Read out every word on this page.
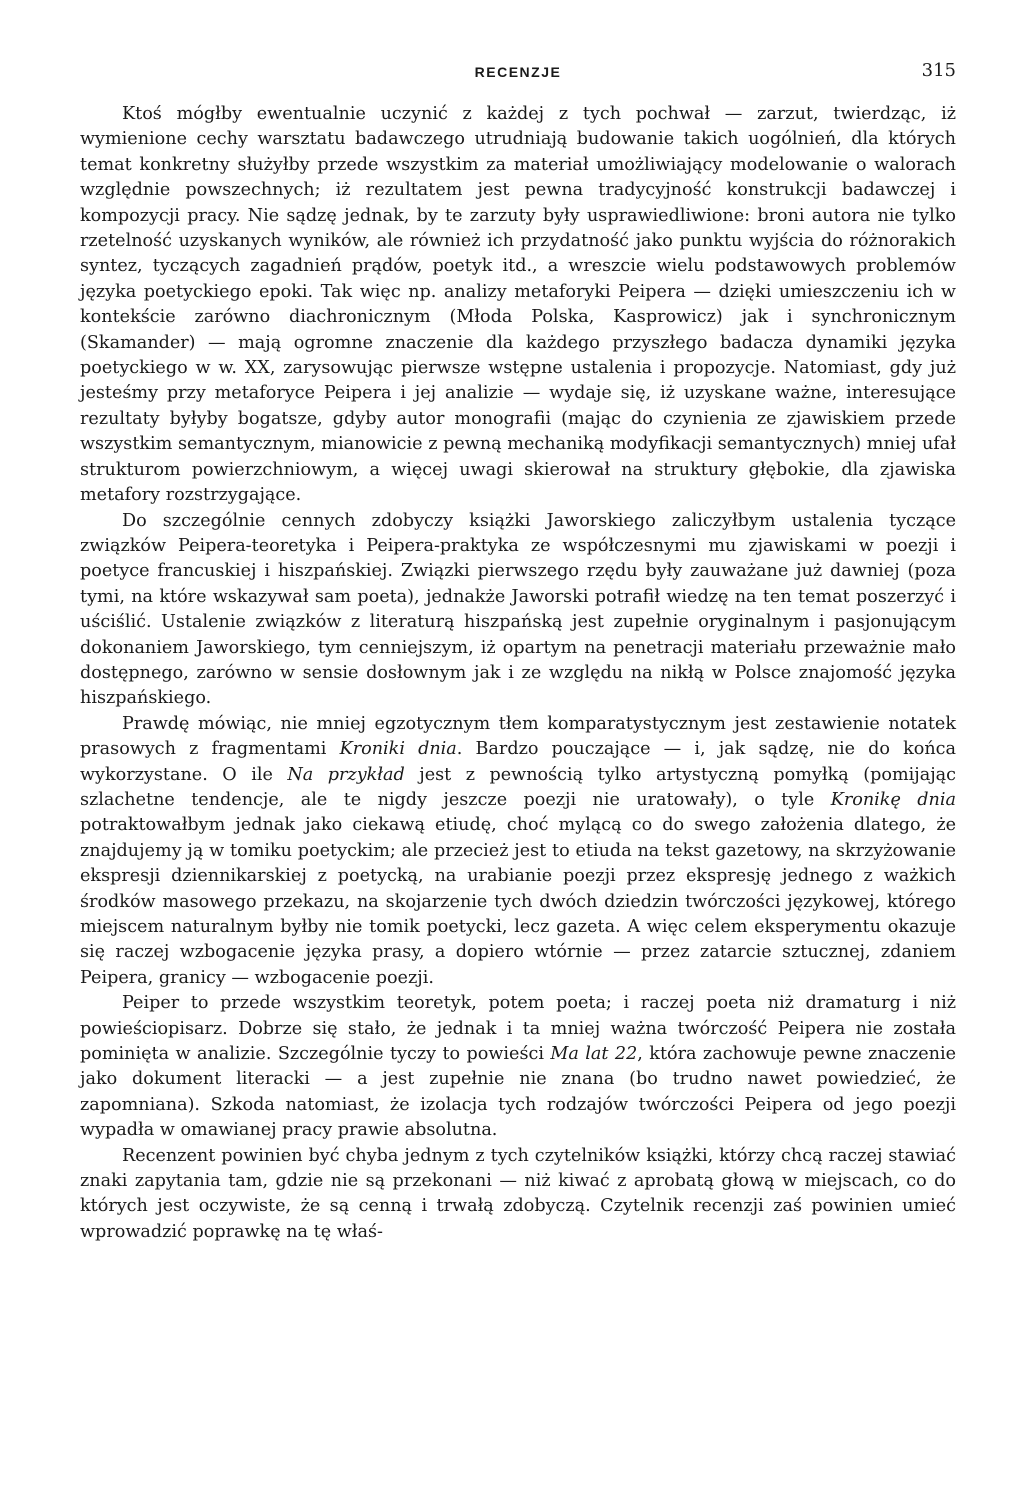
RECENZJE	315

Ktoś mógłby ewentualnie uczynić z każdej z tych pochwał — zarzut, twierdząc, iż wymienione cechy warsztatu badawczego utrudniają budowanie takich uogólnień, dla których temat konkretny służyłby przede wszystkim za materiał umożliwiający modelowanie o walorach względnie powszechnych; iż rezultatem jest pewna tradycyjność konstrukcji badawczej i kompozycji pracy. Nie sądzę jednak, by te zarzuty były usprawiedliwione: broni autora nie tylko rzetelność uzyskanych wyników, ale również ich przydatność jako punktu wyjścia do różnorakich syntez, tyczących zagadnień prądów, poetyk itd., a wreszcie wielu podstawowych problemów języka poetyckiego epoki. Tak więc np. analizy metaforyki Peipera — dzięki umieszczeniu ich w kontekście zarówno diachronicznym (Młoda Polska, Kasprowicz) jak i synchronicznym (Skamander) — mają ogromne znaczenie dla każdego przyszłego badacza dynamiki języka poetyckiego w w. XX, zarysowując pierwsze wstępne ustalenia i propozycje. Natomiast, gdy już jesteśmy przy metaforyce Peipera i jej analizie — wydaje się, iż uzyskane ważne, interesujące rezultaty byłyby bogatsze, gdyby autor monografii (mając do czynienia ze zjawiskiem przede wszystkim semantycznym, mianowicie z pewną mechaniką modyfikacji semantycznych) mniej ufał strukturom powierzchniowym, a więcej uwagi skierował na struktury głębokie, dla zjawiska metafory rozstrzygające.

Do szczególnie cennych zdobyczy książki Jaworskiego zaliczyłbym ustalenia tyczące związków Peipera-teoretyka i Peipera-praktyka ze współczesnymi mu zjawiskami w poezji i poetyce francuskiej i hiszpańskiej. Związki pierwszego rzędu były zauważane już dawniej (poza tymi, na które wskazywał sam poeta), jednakże Jaworski potrafił wiedzę na ten temat poszerzyć i uściślić. Ustalenie związków z literaturą hiszpańską jest zupełnie oryginalnym i pasjonującym dokonaniem Jaworskiego, tym cenniejszym, iż opartym na penetracji materiału przeważnie mało dostępnego, zarówno w sensie dosłownym jak i ze względu na nikłą w Polsce znajomość języka hiszpańskiego.

Prawdę mówiąc, nie mniej egzotycznym tłem komparatystycznym jest zestawienie notatek prasowych z fragmentami Kroniki dnia. Bardzo pouczające — i, jak sądzę, nie do końca wykorzystane. O ile Na przykład jest z pewnością tylko artystyczną pomyłką (pomijając szlachetne tendencje, ale te nigdy jeszcze poezji nie uratowały), o tyle Kronikę dnia potraktowałbym jednak jako ciekawą etiudę, choć mylącą co do swego założenia dlatego, że znajdujemy ją w tomiku poetyckim; ale przecież jest to etiuda na tekst gazetowy, na skrzyżowanie ekspresji dziennikarskiej z poetycką, na urabianie poezji przez ekspresję jednego z ważkich środków masowego przekazu, na skojarzenie tych dwóch dziedzin twórczości językowej, którego miejscem naturalnym byłby nie tomik poetycki, lecz gazeta. A więc celem eksperymentu okazuje się raczej wzbogacenie języka prasy, a dopiero wtórnie — przez zatarcie sztucznej, zdaniem Peipera, granicy — wzbogacenie poezji.

Peiper to przede wszystkim teoretyk, potem poeta; i raczej poeta niż dramaturg i niż powieściopisarz. Dobrze się stało, że jednak i ta mniej ważna twórczość Peipera nie została pominięta w analizie. Szczególnie tyczy to powieści Ma lat 22, która zachowuje pewne znaczenie jako dokument literacki — a jest zupełnie nie znana (bo trudno nawet powiedzieć, że zapomniana). Szkoda natomiast, że izolacja tych rodzajów twórczości Peipera od jego poezji wypadła w omawianej pracy prawie absolutna.

Recenzent powinien być chyba jednym z tych czytelników książki, którzy chcą raczej stawiać znaki zapytania tam, gdzie nie są przekonani — niż kiwać z aprobatą głową w miejscach, co do których jest oczywiste, że są cenną i trwałą zdobyczą. Czytelnik recenzji zaś powinien umieć wprowadzić poprawkę na tę właś-
